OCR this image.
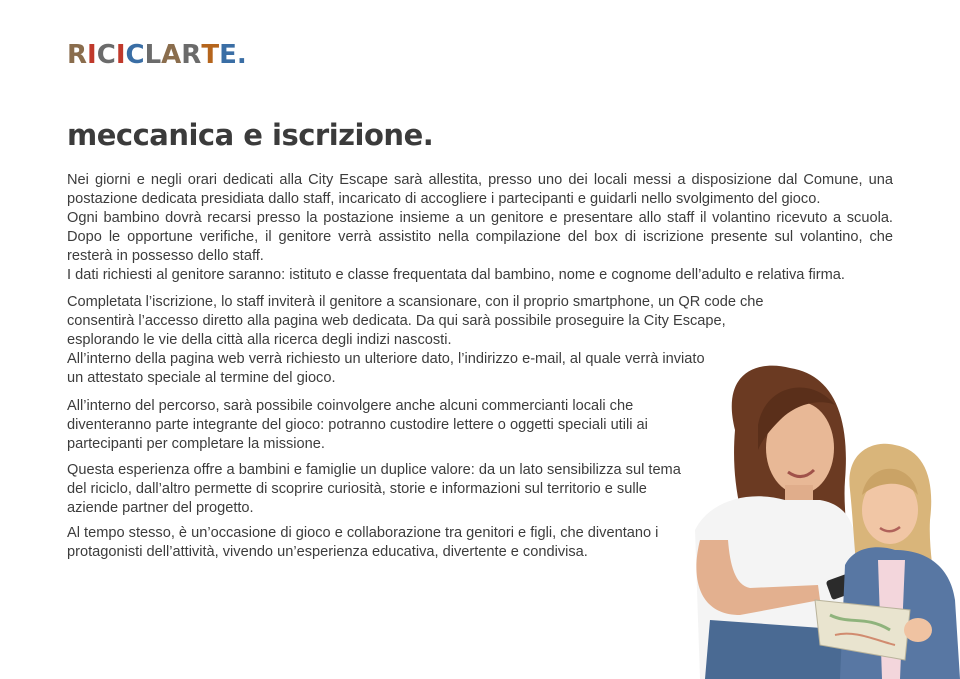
R I C I C L A R T E .
meccanica e iscrizione.

Nei giorni e negli orari dedicati alla City Escape sarà allestita, presso uno dei locali messi a disposizione dal Comune, una postazione dedicata presidiata dallo staff, incaricato di accogliere i partecipanti e guidarli nello svolgimento del gioco.

Ogni bambino dovrà recarsi presso la postazione insieme a un genitore e presentare allo staff il volantino ricevuto a scuola. Dopo le opportune verifiche, il genitore verrà assistito nella compilazione del box di iscrizione presente sul volantino, che resterà in possesso dello staff.

I dati richiesti al genitore saranno: istituto e classe frequentata dal bambino, nome e cognome dell’adulto e relativa firma.

Completata l’iscrizione, lo staff inviterà il genitore a scansionare, con il proprio smartphone, un QR code che consentirà l’accesso diretto alla pagina web dedicata. Da qui sarà possibile proseguire la City Escape, esplorando le vie della città alla ricerca degli indizi nascosti.

All’interno della pagina web verrà richiesto un ulteriore dato, l’indirizzo e-mail, al quale verrà inviato un attestato speciale al termine del gioco.

All’interno del percorso, sarà possibile coinvolgere anche alcuni commercianti locali che diventeranno parte integrante del gioco: potranno custodire lettere o oggetti speciali utili ai partecipanti per completare la missione.

Questa esperienza offre a bambini e famiglie un duplice valore: da un lato sensibilizza sul tema del riciclo, dall’altro permette di scoprire curiosità, storie e informazioni sul territorio e sulle aziende partner del progetto.

Al tempo stesso, è un’occasione di gioco e collaborazione tra genitori e figli, che diventano i protagonisti dell’attività, vivendo un’esperienza educativa, divertente e condivisa.
